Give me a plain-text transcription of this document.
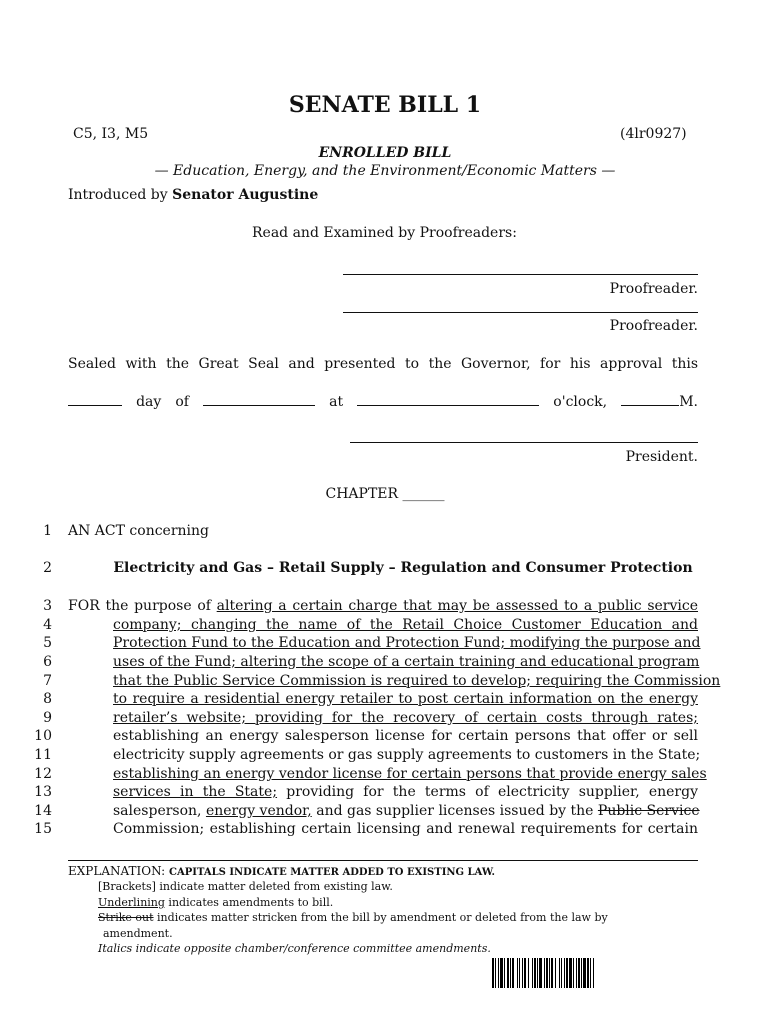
SENATE BILL 1
C5, I3, M5	(4lr0927)
ENROLLED BILL
— Education, Energy, and the Environment/Economic Matters —
Introduced by Senator Augustine
Read and Examined by Proofreaders:
Proofreader.
Proofreader.
Sealed with the Great Seal and presented to the Governor, for his approval this
day of	at	o'clock,	M.
President.
CHAPTER ______
1 AN ACT concerning
2	Electricity and Gas – Retail Supply – Regulation and Consumer Protection
3 FOR the purpose of altering a certain charge that may be assessed to a public service
4	company; changing the name of the Retail Choice Customer Education and
5	Protection Fund to the Education and Protection Fund; modifying the purpose and
6	uses of the Fund; altering the scope of a certain training and educational program
7	that the Public Service Commission is required to develop; requiring the Commission
8	to require a residential energy retailer to post certain information on the energy
9	retailer’s website; providing for the recovery of certain costs through rates;
10	establishing an energy salesperson license for certain persons that offer or sell
11	electricity supply agreements or gas supply agreements to customers in the State;
12	establishing an energy vendor license for certain persons that provide energy sales
13	services in the State; providing for the terms of electricity supplier, energy
14	salesperson, energy vendor, and gas supplier licenses issued by the Public Service
15	Commission; establishing certain licensing and renewal requirements for certain
EXPLANATION: CAPITALS INDICATE MATTER ADDED TO EXISTING LAW.
[Brackets] indicate matter deleted from existing law.
Underlining indicates amendments to bill.
Strike out indicates matter stricken from the bill by amendment or deleted from the law by
amendment.
Italics indicate opposite chamber/conference committee amendments.
